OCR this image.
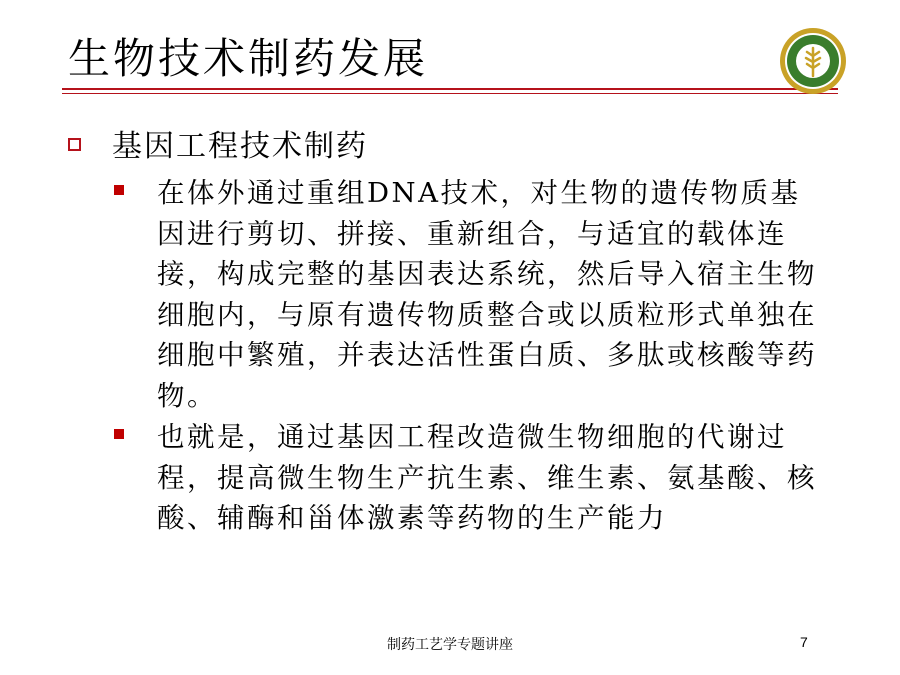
生物技术制药发展
基因工程技术制药
在体外通过重组DNA技术，对生物的遗传物质基因进行剪切、拼接、重新组合，与适宜的载体连接，构成完整的基因表达系统，然后导入宿主生物细胞内，与原有遗传物质整合或以质粒形式单独在细胞中繁殖，并表达活性蛋白质、多肽或核酸等药物。
也就是，通过基因工程改造微生物细胞的代谢过程，提高微生物生产抗生素、维生素、氨基酸、核酸、辅酶和甾体激素等药物的生产能力
制药工艺学专题讲座	7
